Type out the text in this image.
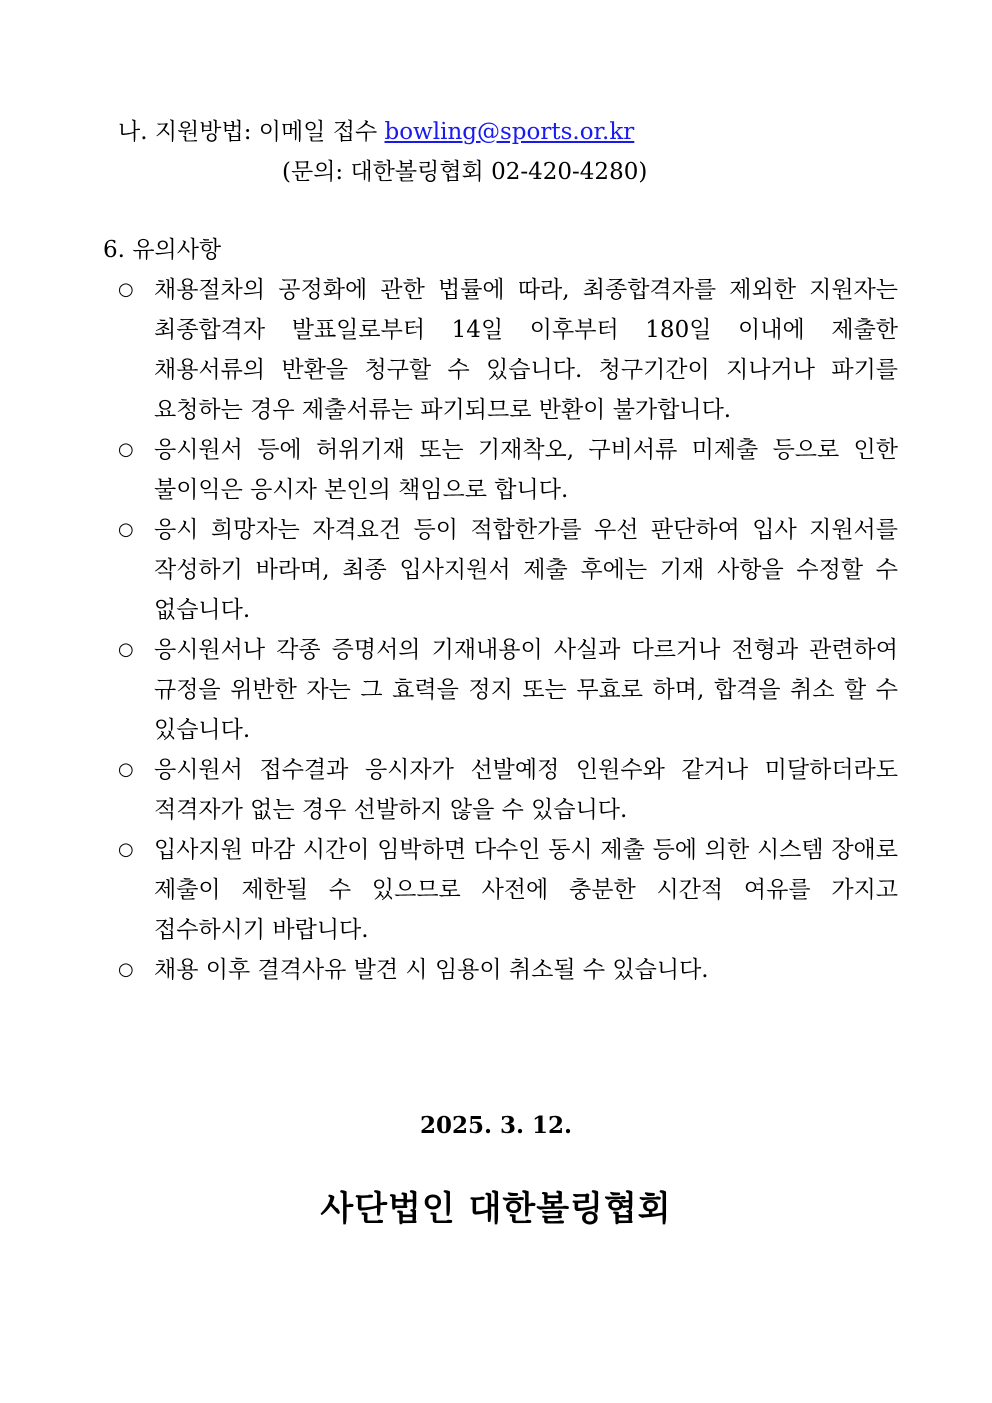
나. 지원방법: 이메일 접수 bowling@sports.or.kr
(문의: 대한볼링협회 02-420-4280)
6. 유의사항
○ 채용절차의 공정화에 관한 법률에 따라, 최종합격자를 제외한 지원자는 최종합격자 발표일로부터 14일 이후부터 180일 이내에 제출한 채용서류의 반환을 청구할 수 있습니다. 청구기간이 지나거나 파기를 요청하는 경우 제출서류는 파기되므로 반환이 불가합니다.
○ 응시원서 등에 허위기재 또는 기재착오, 구비서류 미제출 등으로 인한 불이익은 응시자 본인의 책임으로 합니다.
○ 응시 희망자는 자격요건 등이 적합한가를 우선 판단하여 입사 지원서를 작성하기 바라며, 최종 입사지원서 제출 후에는 기재 사항을 수정할 수 없습니다.
○ 응시원서나 각종 증명서의 기재내용이 사실과 다르거나 전형과 관련하여 규정을 위반한 자는 그 효력을 정지 또는 무효로 하며, 합격을 취소 할 수 있습니다.
○ 응시원서 접수결과 응시자가 선발예정 인원수와 같거나 미달하더라도 적격자가 없는 경우 선발하지 않을 수 있습니다.
○ 입사지원 마감 시간이 임박하면 다수인 동시 제출 등에 의한 시스템 장애로 제출이 제한될 수 있으므로 사전에 충분한 시간적 여유를 가지고 접수하시기 바랍니다.
○ 채용 이후 결격사유 발견 시 임용이 취소될 수 있습니다.
2025. 3. 12.
사단법인 대한볼링협회
